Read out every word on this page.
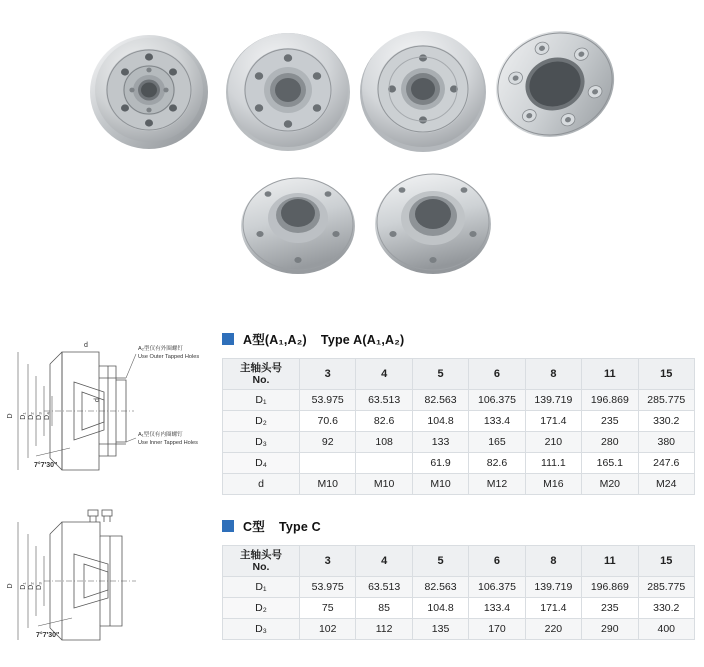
D D₁ D₂ D₃ D₄
d
d
7°7'30"
A₂型仅有外圈螺钉
Use Outer Tapped Holes
A₁型仅有内圈螺钉
Use Inner Tapped Holes
D D₁ D₂ D₃
7°7'30"
A型(A₁,A₂) Type A(A₁,A₂)
主轴头号
No.	3	4	5	6	8	11	15
D₁	53.975	63.513	82.563	106.375	139.719	196.869	285.775
D₂	70.6	82.6	104.8	133.4	171.4	235	330.2
D₃	92	108	133	165	210	280	380
D₄			61.9	82.6	111.1	165.1	247.6
d	M10	M10	M10	M12	M16	M20	M24
C型 Type C
主轴头号
No.	3	4	5	6	8	11	15
D₁	53.975	63.513	82.563	106.375	139.719	196.869	285.775
D₂	75	85	104.8	133.4	171.4	235	330.2
D₃	102	112	135	170	220	290	400
